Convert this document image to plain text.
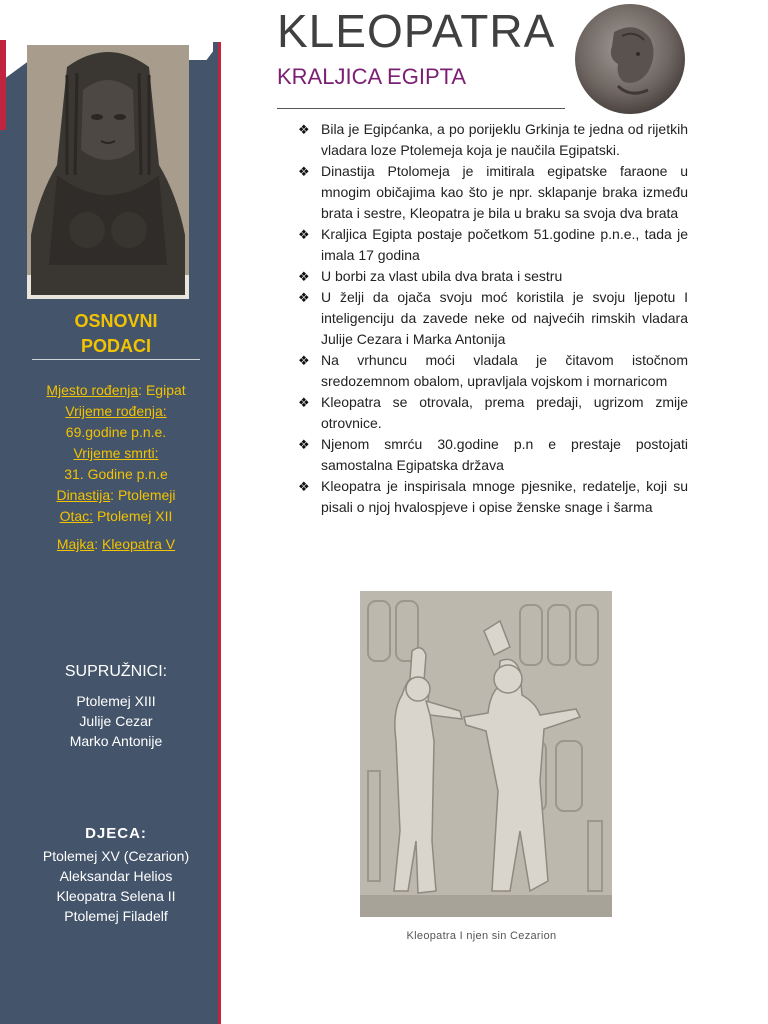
OSNOVNI
PODACI
Mjesto rođenja: Egipat
Vrijeme rođenja:
69.godine p.n.e.
Vrijeme smrti:
31. Godine p.n.e
Dinastija: Ptolemeji
Otac: Ptolemej XII
Majka: Kleopatra V
SUPRUŽNICI:
Ptolemej XIII
Julije Cezar
Marko Antonije
DJECA:
Ptolemej XV (Cezarion)
Aleksandar Helios
Kleopatra Selena II
Ptolemej Filadelf
KLEOPATRA
KRALJICA EGIPTA
❖ Bila je Egipćanka, a po porijeklu Grkinja te jedna od rijetkih vladara loze Ptolemeja koja je naučila Egipatski.
❖ Dinastija Ptolomeja je imitirala egipatske faraone u mnogim običajima kao što je npr. sklapanje braka između brata i sestre, Kleopatra je bila u braku sa svoja dva brata
❖ Kraljica Egipta postaje početkom 51.godine p.n.e., tada je imala 17 godina
❖ U borbi za vlast ubila dva brata i sestru
❖ U želji da ojača svoju moć koristila je svoju ljepotu I inteligenciju da zavede neke od najvećih rimskih vladara Julije Cezara i Marka Antonija
❖ Na vrhuncu moći vladala je čitavom istočnom sredozemnom obalom, upravljala vojskom i mornaricom
❖ Kleopatra se otrovala, prema predaji, ugrizom zmije otrovnice.
❖ Njenom smrću 30.godine p.n e prestaje postojati samostalna Egipatska država
❖ Kleopatra je inspirisala mnoge pjesnike, redatelje, koji su pisali o njoj hvalospjeve i opise ženske snage i šarma
Kleopatra I njen sin Cezarion
